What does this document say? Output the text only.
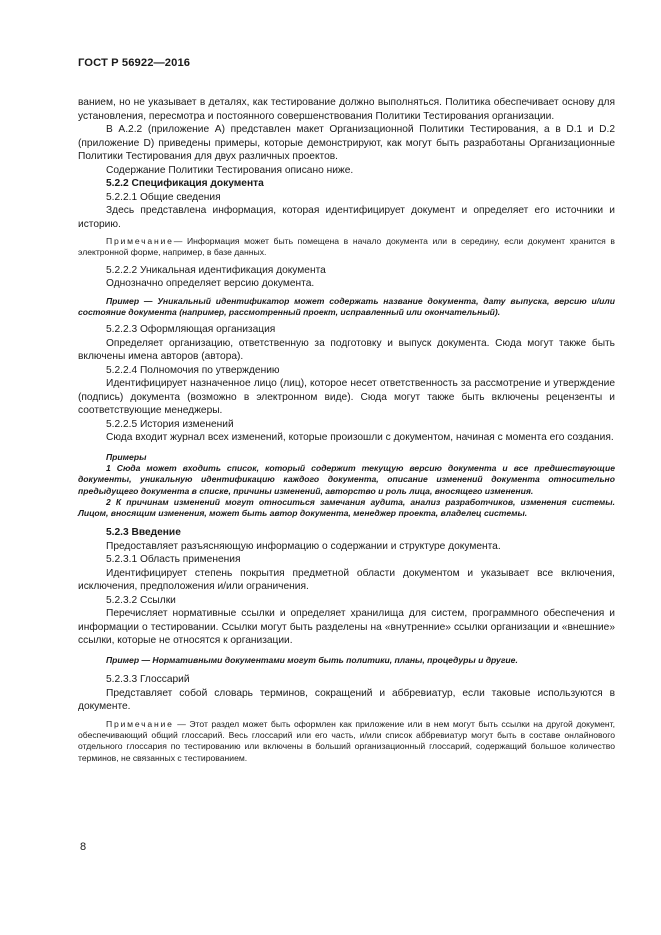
ГОСТ Р 56922—2016

ванием, но не указывает в деталях, как тестирование должно выполняться. Политика обеспечивает основу для установления, пересмотра и постоянного совершенствования Политики Тестирования организации.

В А.2.2 (приложение А) представлен макет Организационной Политики Тестирования, а в D.1 и D.2 (приложение D) приведены примеры, которые демонстрируют, как могут быть разработаны Организационные Политики Тестирования для двух различных проектов.

Содержание Политики Тестирования описано ниже.

5.2.2 Спецификация документа

5.2.2.1 Общие сведения

Здесь представлена информация, которая идентифицирует документ и определяет его источники и историю.

Примечание— Информация может быть помещена в начало документа или в середину, если документ хранится в электронной форме, например, в базе данных.

5.2.2.2 Уникальная идентификация документа

Однозначно определяет версию документа.

Пример — Уникальный идентификатор может содержать название документа, дату выпуска, версию и/или состояние документа (например, рассмотренный проект, исправленный или окончательный).

5.2.2.3 Оформляющая организация

Определяет организацию, ответственную за подготовку и выпуск документа. Сюда могут также быть включены имена авторов (автора).

5.2.2.4 Полномочия по утверждению

Идентифицирует назначенное лицо (лиц), которое несет ответственность за рассмотрение и утверждение (подпись) документа (возможно в электронном виде). Сюда могут также быть включены рецензенты и соответствующие менеджеры.

5.2.2.5 История изменений

Сюда входит журнал всех изменений, которые произошли с документом, начиная с момента его создания.

Примеры

1 Сюда может входить список, который содержит текущую версию документа и все предшествующие документы, уникальную идентификацию каждого документа, описание изменений документа относительно предыдущего документа в списке, причины изменений, авторство и роль лица, вносящего изменения.

2 К причинам изменений могут относиться замечания аудита, анализ разработчиков, изменения системы. Лицом, вносящим изменения, может быть автор документа, менеджер проекта, владелец системы.

5.2.3 Введение

Предоставляет разъясняющую информацию о содержании и структуре документа.

5.2.3.1 Область применения

Идентифицирует степень покрытия предметной области документом и указывает все включения, исключения, предположения и/или ограничения.

5.2.3.2 Ссылки

Перечисляет нормативные ссылки и определяет хранилища для систем, программного обеспечения и информации о тестировании. Ссылки могут быть разделены на «внутренние» ссылки организации и «внешние» ссылки, которые не относятся к организации.

Пример — Нормативными документами могут быть политики, планы, процедуры и другие.

5.2.3.3 Глоссарий

Представляет собой словарь терминов, сокращений и аббревиатур, если таковые используются в документе.

Примечание — Этот раздел может быть оформлен как приложение или в нем могут быть ссылки на другой документ, обеспечивающий общий глоссарий. Весь глоссарий или его часть, и/или список аббревиатур могут быть в составе онлайнового отдельного глоссария по тестированию или включены в больший организационный глоссарий, содержащий большое количество терминов, не связанных с тестированием.

8
